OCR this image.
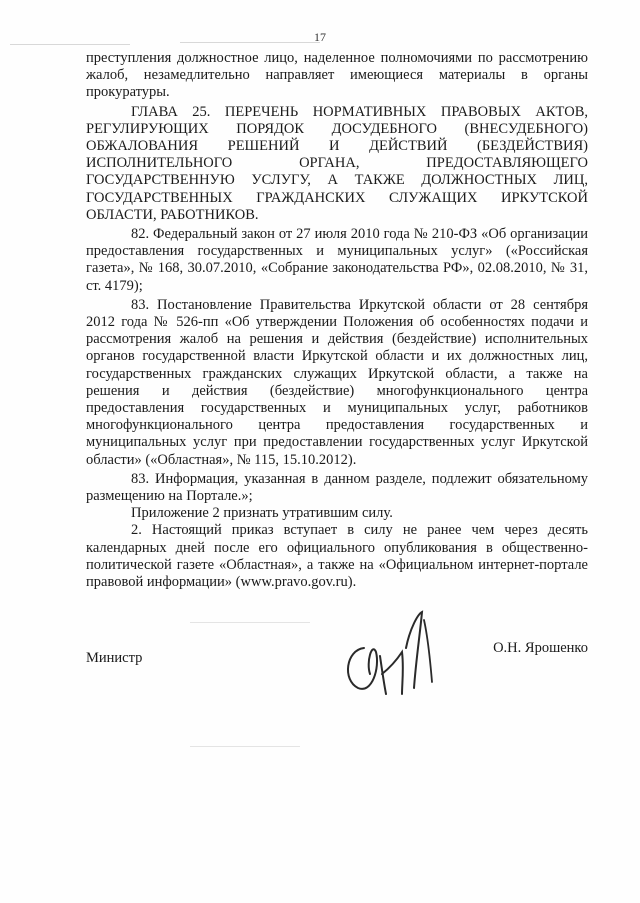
17

преступления должностное лицо, наделенное полномочиями по рассмотрению жалоб, незамедлительно направляет имеющиеся материалы в органы прокуратуры.

ГЛАВА 25. ПЕРЕЧЕНЬ НОРМАТИВНЫХ ПРАВОВЫХ АКТОВ, РЕГУЛИРУЮЩИХ ПОРЯДОК ДОСУДЕБНОГО (ВНЕСУДЕБНОГО) ОБЖАЛОВАНИЯ РЕШЕНИЙ И ДЕЙСТВИЙ (БЕЗДЕЙСТВИЯ) ИСПОЛНИТЕЛЬНОГО ОРГАНА, ПРЕДОСТАВЛЯЮЩЕГО ГОСУДАРСТВЕННУЮ УСЛУГУ, А ТАКЖЕ ДОЛЖНОСТНЫХ ЛИЦ, ГОСУДАРСТВЕННЫХ ГРАЖДАНСКИХ СЛУЖАЩИХ ИРКУТСКОЙ ОБЛАСТИ, РАБОТНИКОВ.

82. Федеральный закон от 27 июля 2010 года № 210-ФЗ «Об организации предоставления государственных и муниципальных услуг» («Российская газета», № 168, 30.07.2010, «Собрание законодательства РФ», 02.08.2010, № 31, ст. 4179);

83. Постановление Правительства Иркутской области от 28 сентября 2012 года № 526-пп «Об утверждении Положения об особенностях подачи и рассмотрения жалоб на решения и действия (бездействие) исполнительных органов государственной власти Иркутской области и их должностных лиц, государственных гражданских служащих Иркутской области, а также на решения и действия (бездействие) многофункционального центра предоставления государственных и муниципальных услуг, работников многофункционального центра предоставления государственных и муниципальных услуг при предоставлении государственных услуг Иркутской области» («Областная», № 115, 15.10.2012).

83. Информация, указанная в данном разделе, подлежит обязательному размещению на Портале.»;

Приложение 2 признать утратившим силу.

2. Настоящий приказ вступает в силу не ранее чем через десять календарных дней после его официального опубликования в общественно-политической газете «Областная», а также на «Официальном интернет-портале правовой информации» (www.pravo.gov.ru).

Министр
О.Н. Ярошенко
